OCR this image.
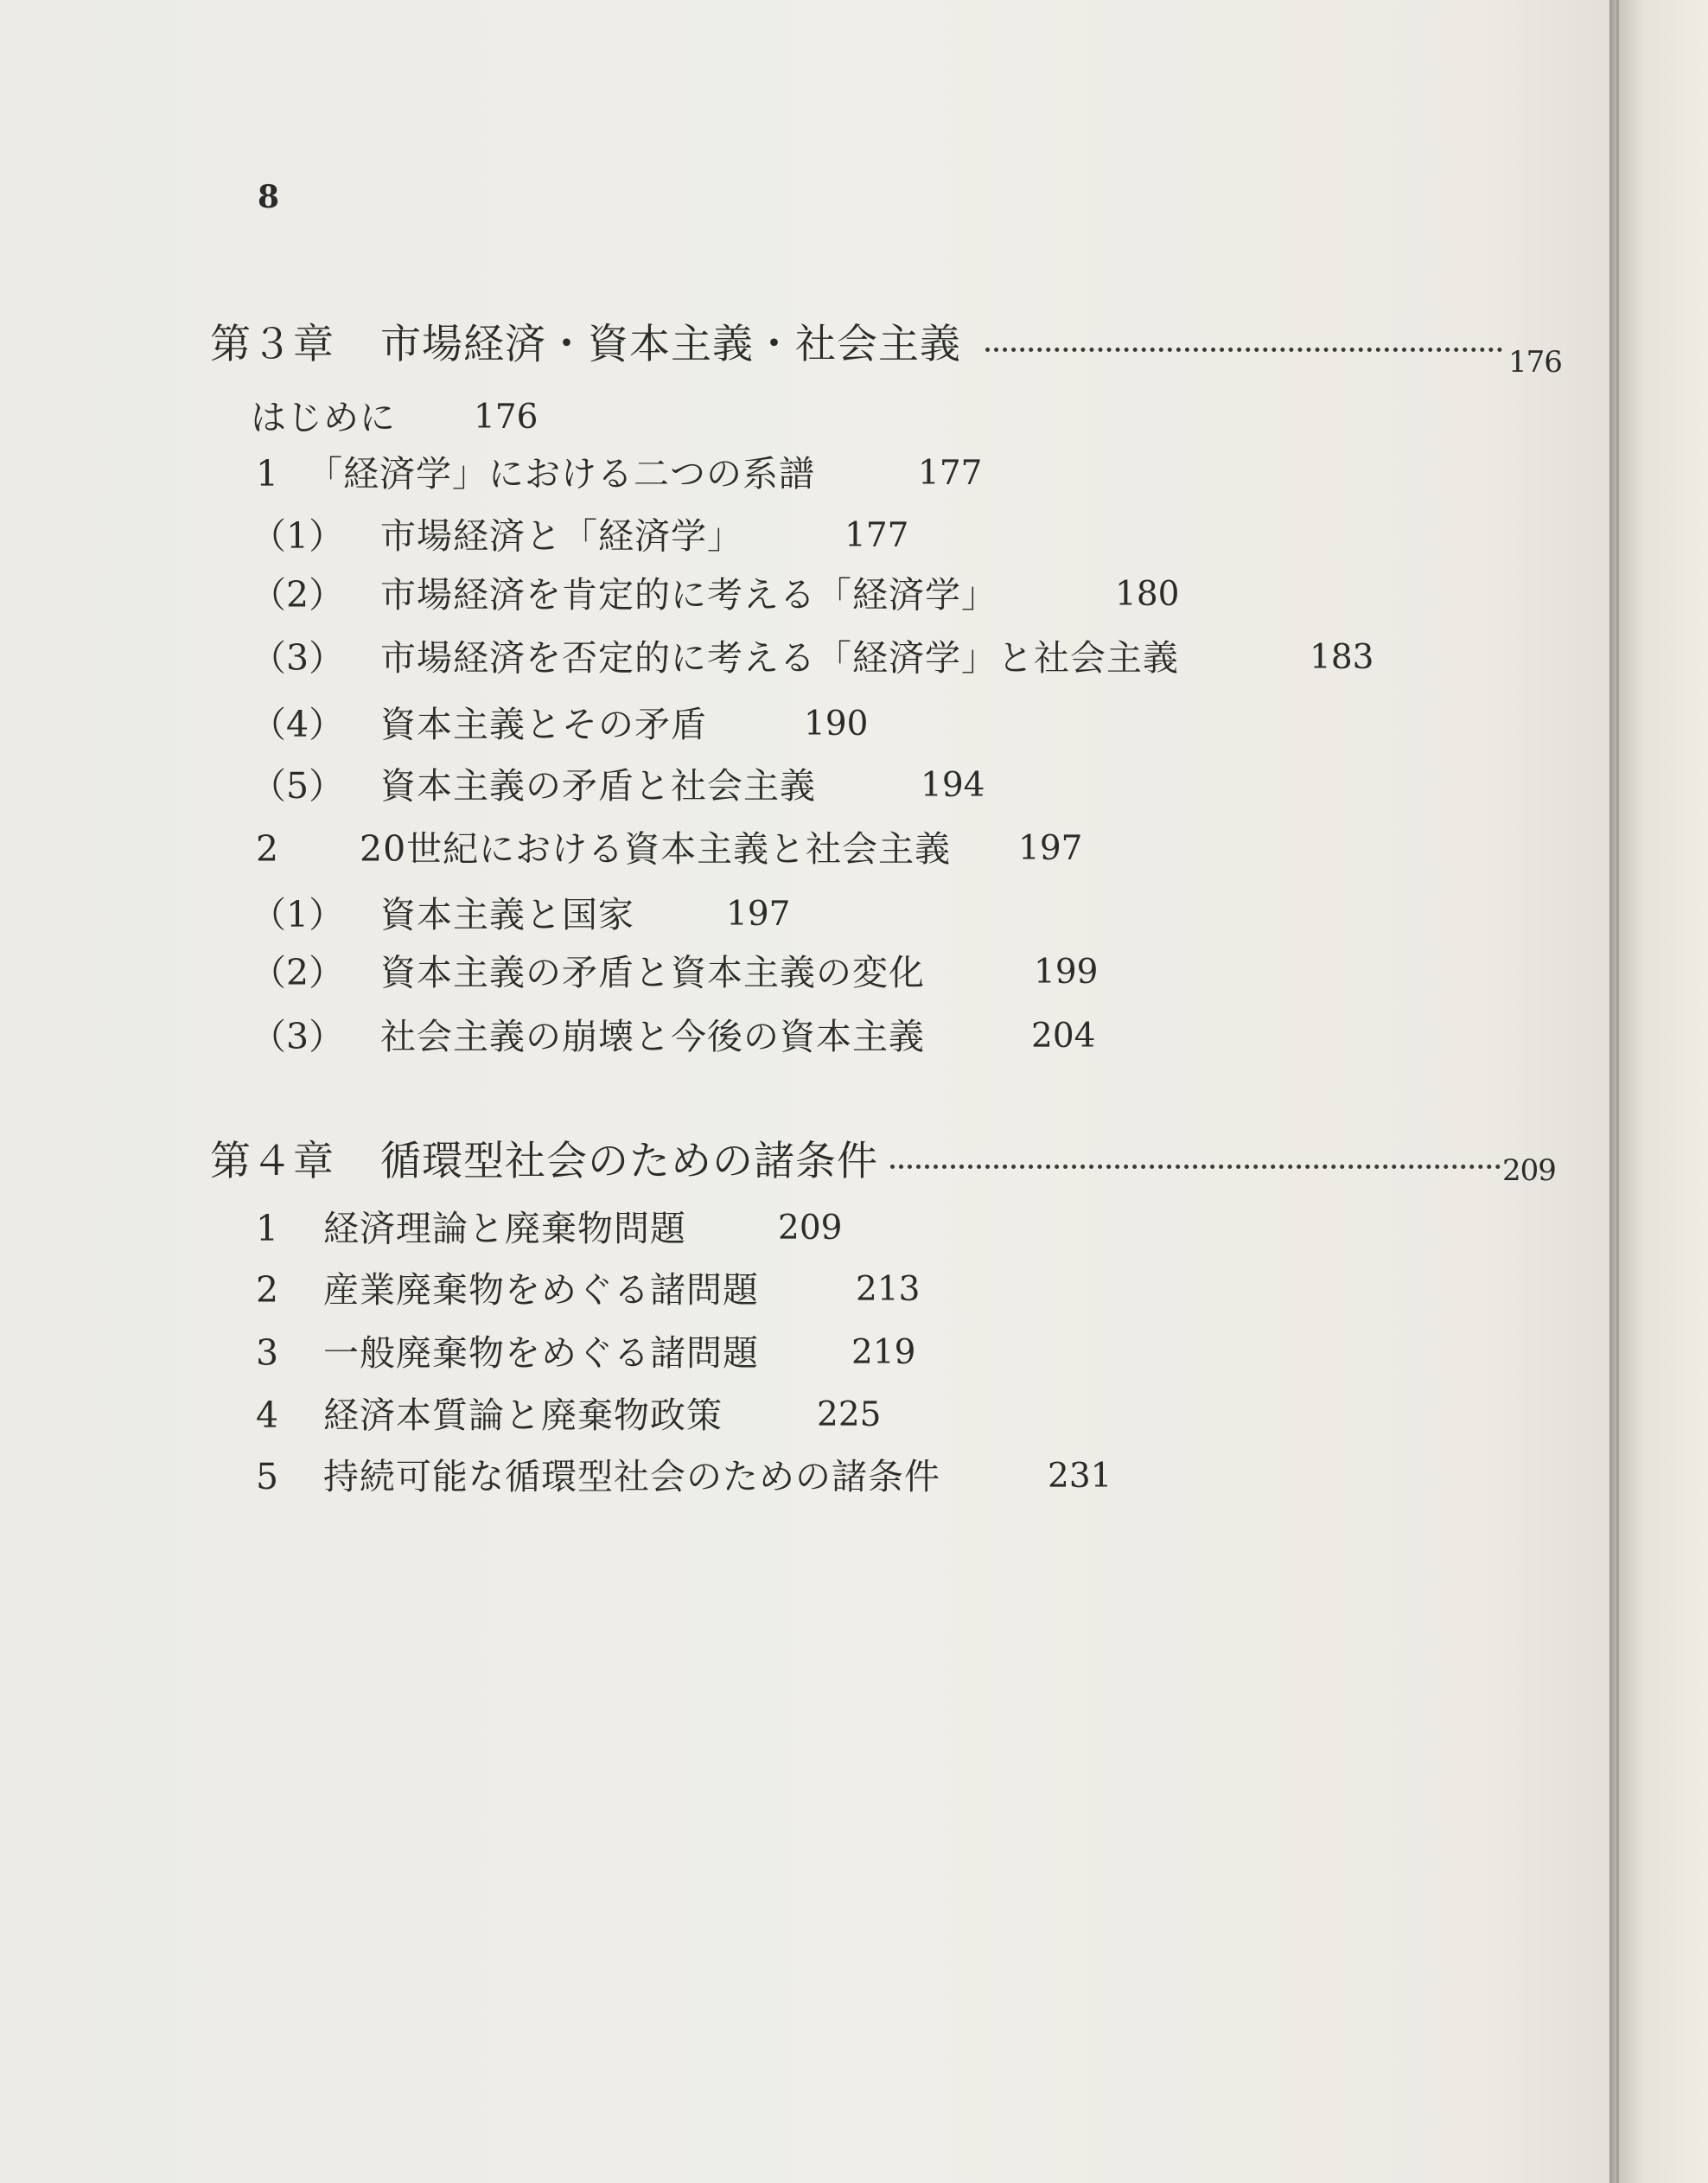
8
第３章 市場経済・資本主義・社会主義	176
はじめに 176
1 「経済学」における二つの系譜	177
（1） 市場経済と「経済学」	177
（2） 市場経済を肯定的に考える「経済学」	180
（3） 市場経済を否定的に考える「経済学」と社会主義	183
（4） 資本主義とその矛盾	190
（5） 資本主義の矛盾と社会主義	194
2 20世紀における資本主義と社会主義 197
（1） 資本主義と国家	197
（2） 資本主義の矛盾と資本主義の変化	199
（3） 社会主義の崩壊と今後の資本主義	204
第４章 循環型社会のための諸条件	209
1 経済理論と廃棄物問題	209
2 産業廃棄物をめぐる諸問題	213
3 一般廃棄物をめぐる諸問題	219
4 経済本質論と廃棄物政策	225
5 持続可能な循環型社会のための諸条件	231
